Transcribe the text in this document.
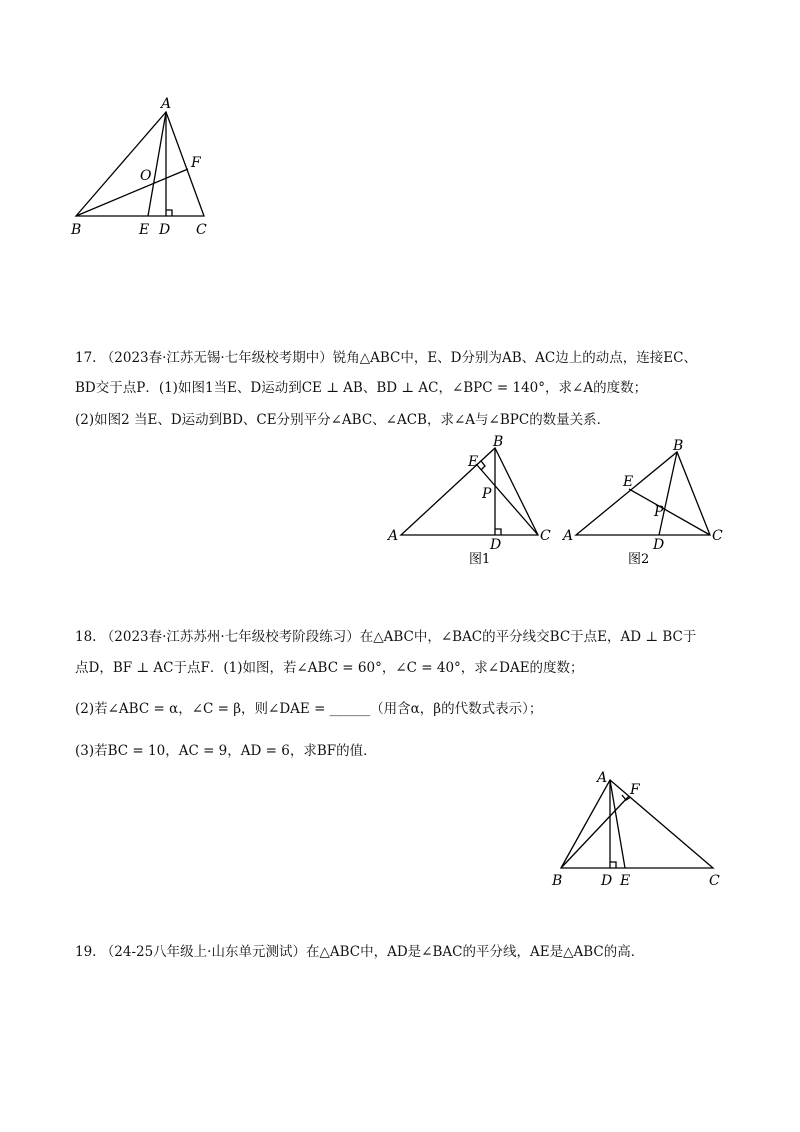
A
O
F
B	E D C
17. （2023春·江苏无锡·七年级校考期中）锐角△ABC中，E、D分别为AB、AC边上的动点，连接EC、
BD交于点P．(1)如图1当E、D运动到CE ⊥ AB、BD ⊥ AC，∠BPC = 140°，求∠A的度数；
(2)如图2 当E、D运动到BD、CE分别平分∠ABC、∠ACB，求∠A与∠BPC的数量关系．
B
E
P
A	C
D
图1
B
E
P
A	C
D
图2
18. （2023春·江苏苏州·七年级校考阶段练习）在△ABC中，∠BAC的平分线交BC于点E，AD ⊥ BC于
点D，BF ⊥ AC于点F．(1)如图，若∠ABC = 60°，∠C = 40°，求∠DAE的度数；
(2)若∠ABC = α，∠C = β，则∠DAE = ______（用含α，β的代数式表示）；
(3)若BC = 10，AC = 9，AD = 6，求BF的值．
A
F
B	D E	C
19. （24-25八年级上·山东单元测试）在△ABC中，AD是∠BAC的平分线，AE是△ABC的高．
